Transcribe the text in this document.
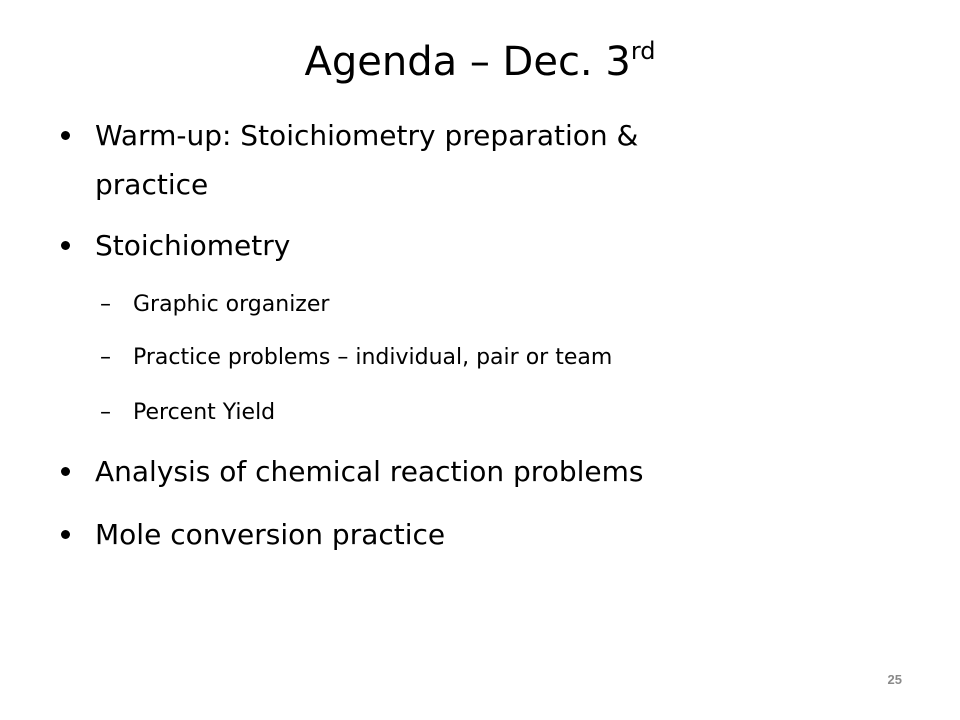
Agenda – Dec. 3rd
Warm-up: Stoichiometry preparation &
practice
Stoichiometry
– Graphic organizer
– Practice problems – individual, pair or team
– Percent Yield
Analysis of chemical reaction problems
Mole conversion practice
25
